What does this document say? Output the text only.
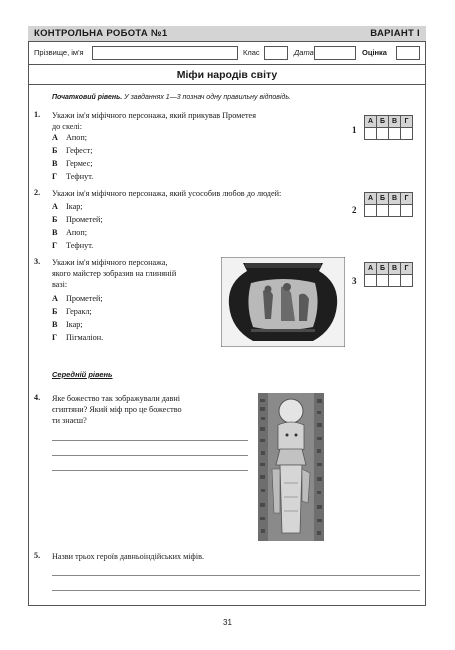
КОНТРОЛЬНА РОБОТА №1	ВАРІАНТ І
Прізвище, ім'я	Клас	Дата	Оцінка
Міфи народів світу
Початковий рівень. У завданнях 1—3 познач одну правильну відповідь.
1. Укажи ім'я міфічного персонажа, який прикував Прометея
до скелі:
А Апоп;
Б Гефест;
В Гермес;
Г Тефнут.
1
А	Б	В	Г

2. Укажи ім'я міфічного персонажа, який усособив любов до людей:
А Ікар;
Б Прометей;
В Апоп;
Г Тефнут.
2
А	Б	В	Г

3. Укажи ім'я міфічного персонажа,
якого майстер зобразив на глиняній
вазі:
А Прометей;
Б Геракл;
В Ікар;
Г Пігмаліон.
3
А	Б	В	Г

Середній рівень
4. Яке божество так зображували давні
єгиптяни? Який міф про це божество
ти знаєш?
5. Назви трьох героїв давньоіндійських міфів.
31
